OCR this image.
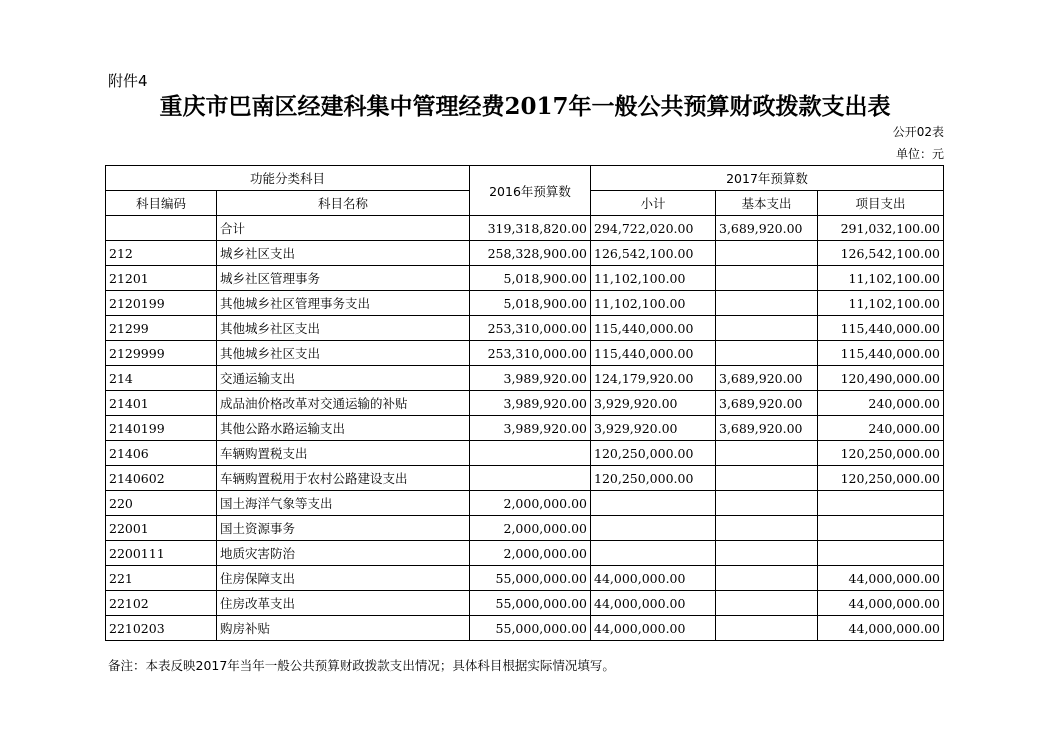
附件4
重庆市巴南区经建科集中管理经费2017年一般公共预算财政拨款支出表
公开02表
单位：元
功能分类科目		2016年预算数	2017年预算数		
科目编码	科目名称		小计	基本支出	项目支出
	合计	319,318,820.00	294,722,020.00	3,689,920.00	291,032,100.00
212	城乡社区支出	258,328,900.00	126,542,100.00		126,542,100.00
21201	城乡社区管理事务	5,018,900.00	11,102,100.00		11,102,100.00
2120199	其他城乡社区管理事务支出	5,018,900.00	11,102,100.00		11,102,100.00
21299	其他城乡社区支出	253,310,000.00	115,440,000.00		115,440,000.00
2129999	其他城乡社区支出	253,310,000.00	115,440,000.00		115,440,000.00
214	交通运输支出	3,989,920.00	124,179,920.00	3,689,920.00	120,490,000.00
21401	成品油价格改革对交通运输的补贴	3,989,920.00	3,929,920.00	3,689,920.00	240,000.00
2140199	其他公路水路运输支出	3,989,920.00	3,929,920.00	3,689,920.00	240,000.00
21406	车辆购置税支出		120,250,000.00		120,250,000.00
2140602	车辆购置税用于农村公路建设支出		120,250,000.00		120,250,000.00
220	国土海洋气象等支出	2,000,000.00			
22001	国土资源事务	2,000,000.00			
2200111	地质灾害防治	2,000,000.00			
221	住房保障支出	55,000,000.00	44,000,000.00		44,000,000.00
22102	住房改革支出	55,000,000.00	44,000,000.00		44,000,000.00
2210203	购房补贴	55,000,000.00	44,000,000.00		44,000,000.00
备注：本表反映2017年当年一般公共预算财政拨款支出情况；具体科目根据实际情况填写。
